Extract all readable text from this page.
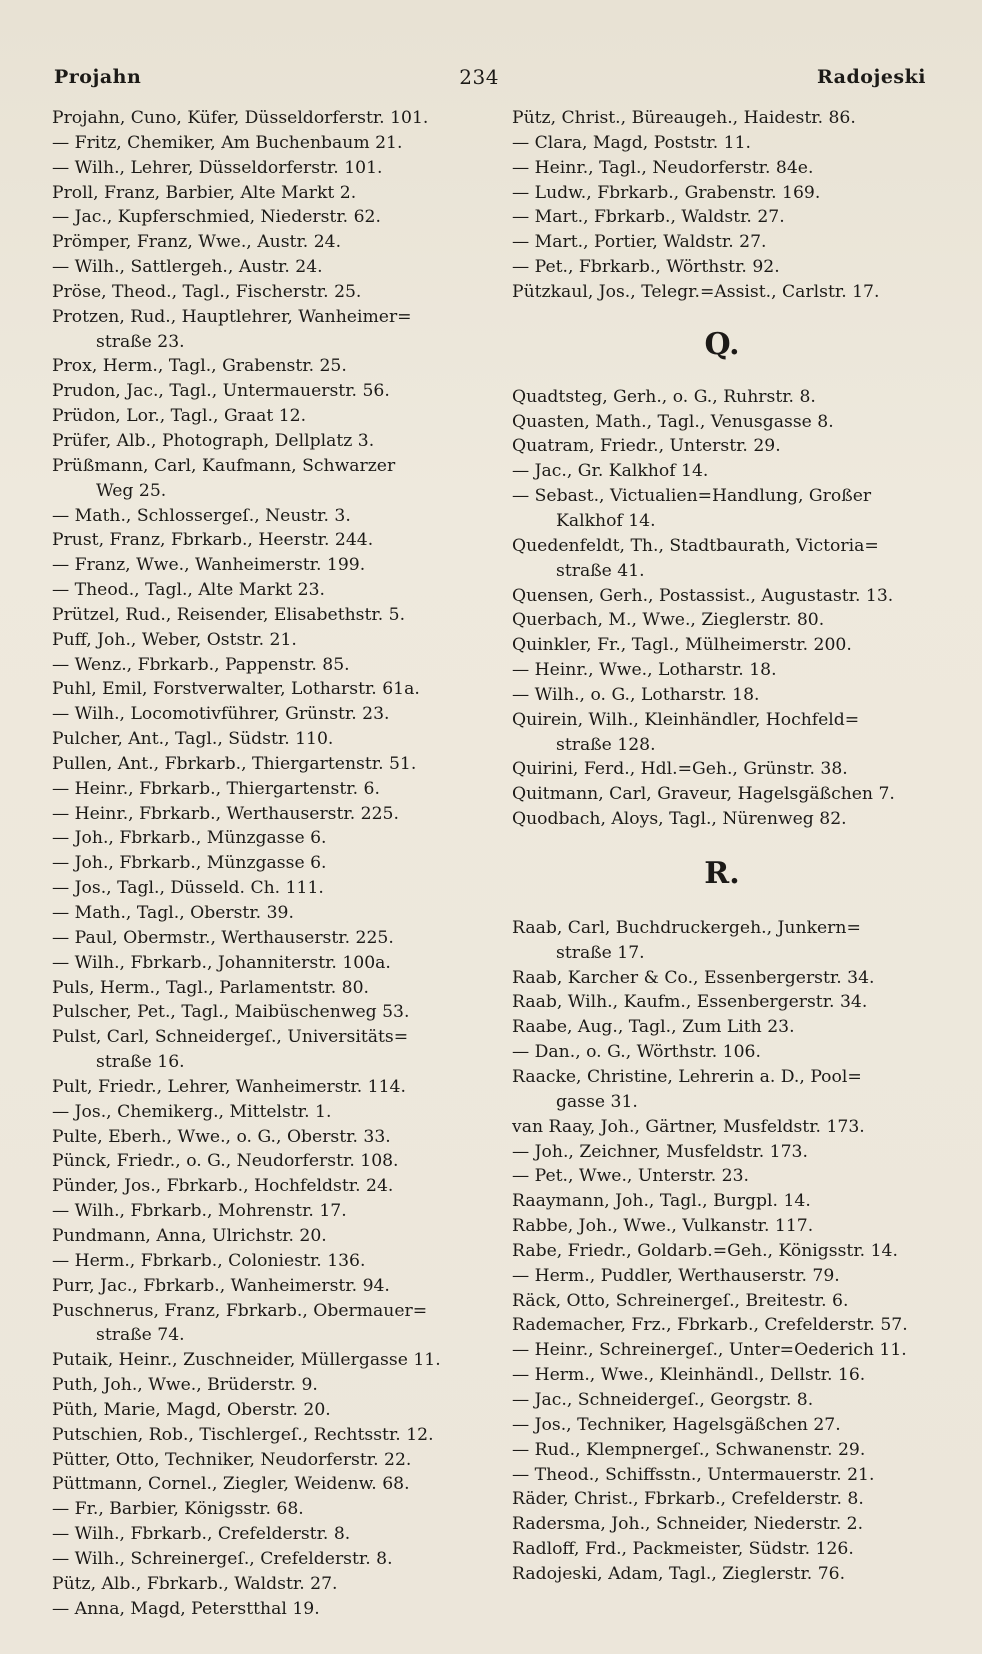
Projahn	234	Radojeski
Projahn, Cuno, Küfer, Düsseldorferstr. 101.
— Fritz, Chemiker, Am Buchenbaum 21.
— Wilh., Lehrer, Düsseldorferstr. 101.
Proll, Franz, Barbier, Alte Markt 2.
— Jac., Kupferschmied, Niederstr. 62.
Prömper, Franz, Wwe., Austr. 24.
— Wilh., Sattlergeh., Austr. 24.
Pröse, Theod., Tagl., Fischerstr. 25.
Protzen, Rud., Hauptlehrer, Wanheimer=
straße 23.
Prox, Herm., Tagl., Grabenstr. 25.
Prudon, Jac., Tagl., Untermauerstr. 56.
Prüdon, Lor., Tagl., Graat 12.
Prüfer, Alb., Photograph, Dellplatz 3.
Prüßmann, Carl, Kaufmann, Schwarzer
Weg 25.
— Math., Schlossergeſ., Neustr. 3.
Prust, Franz, Fbrkarb., Heerstr. 244.
— Franz, Wwe., Wanheimerstr. 199.
— Theod., Tagl., Alte Markt 23.
Prützel, Rud., Reisender, Elisabethstr. 5.
Puff, Joh., Weber, Oststr. 21.
— Wenz., Fbrkarb., Pappenstr. 85.
Puhl, Emil, Forstverwalter, Lotharstr. 61a.
— Wilh., Locomotivführer, Grünstr. 23.
Pulcher, Ant., Tagl., Südstr. 110.
Pullen, Ant., Fbrkarb., Thiergartenstr. 51.
— Heinr., Fbrkarb., Thiergartenstr. 6.
— Heinr., Fbrkarb., Werthauserstr. 225.
— Joh., Fbrkarb., Münzgasse 6.
— Joh., Fbrkarb., Münzgasse 6.
— Jos., Tagl., Düsseld. Ch. 111.
— Math., Tagl., Oberstr. 39.
— Paul, Obermstr., Werthauserstr. 225.
— Wilh., Fbrkarb., Johanniterstr. 100a.
Puls, Herm., Tagl., Parlamentstr. 80.
Pulscher, Pet., Tagl., Maibüschenweg 53.
Pulst, Carl, Schneidergeſ., Universitäts=
straße 16.
Pult, Friedr., Lehrer, Wanheimerstr. 114.
— Jos., Chemikerg., Mittelstr. 1.
Pulte, Eberh., Wwe., o. G., Oberstr. 33.
Pünck, Friedr., o. G., Neudorferstr. 108.
Pünder, Jos., Fbrkarb., Hochfeldstr. 24.
— Wilh., Fbrkarb., Mohrenstr. 17.
Pundmann, Anna, Ulrichstr. 20.
— Herm., Fbrkarb., Coloniestr. 136.
Purr, Jac., Fbrkarb., Wanheimerstr. 94.
Puschnerus, Franz, Fbrkarb., Obermauer=
straße 74.
Putaik, Heinr., Zuschneider, Müllergasse 11.
Puth, Joh., Wwe., Brüderstr. 9.
Püth, Marie, Magd, Oberstr. 20.
Putschien, Rob., Tischlergeſ., Rechtsstr. 12.
Pütter, Otto, Techniker, Neudorferstr. 22.
Püttmann, Cornel., Ziegler, Weidenw. 68.
— Fr., Barbier, Königsstr. 68.
— Wilh., Fbrkarb., Crefelderstr. 8.
— Wilh., Schreinergeſ., Crefelderstr. 8.
Pütz, Alb., Fbrkarb., Waldstr. 27.
— Anna, Magd, Peterstthal 19.
Pütz, Christ., Büreaugeh., Haidestr. 86.
— Clara, Magd, Poststr. 11.
— Heinr., Tagl., Neudorferstr. 84e.
— Ludw., Fbrkarb., Grabenstr. 169.
— Mart., Fbrkarb., Waldstr. 27.
— Mart., Portier, Waldstr. 27.
— Pet., Fbrkarb., Wörthstr. 92.
Pützkaul, Jos., Telegr.=Assist., Carlstr. 17.
Q.
Quadtsteg, Gerh., o. G., Ruhrstr. 8.
Quasten, Math., Tagl., Venusgasse 8.
Quatram, Friedr., Unterstr. 29.
— Jac., Gr. Kalkhof 14.
— Sebast., Victualien=Handlung, Großer
Kalkhof 14.
Quedenfeldt, Th., Stadtbaurath, Victoria=
straße 41.
Quensen, Gerh., Postassist., Augustastr. 13.
Querbach, M., Wwe., Zieglerstr. 80.
Quinkler, Fr., Tagl., Mülheimerstr. 200.
— Heinr., Wwe., Lotharstr. 18.
— Wilh., o. G., Lotharstr. 18.
Quirein, Wilh., Kleinhändler, Hochfeld=
straße 128.
Quirini, Ferd., Hdl.=Geh., Grünstr. 38.
Quitmann, Carl, Graveur, Hagelsgäßchen 7.
Quodbach, Aloys, Tagl., Nürenweg 82.
R.
Raab, Carl, Buchdruckergeh., Junkern=
straße 17.
Raab, Karcher & Co., Essenbergerstr. 34.
Raab, Wilh., Kaufm., Essenbergerstr. 34.
Raabe, Aug., Tagl., Zum Lith 23.
— Dan., o. G., Wörthstr. 106.
Raacke, Christine, Lehrerin a. D., Pool=
gasse 31.
van Raay, Joh., Gärtner, Musfeldstr. 173.
— Joh., Zeichner, Musfeldstr. 173.
— Pet., Wwe., Unterstr. 23.
Raaymann, Joh., Tagl., Burgpl. 14.
Rabbe, Joh., Wwe., Vulkanstr. 117.
Rabe, Friedr., Goldarb.=Geh., Königsstr. 14.
— Herm., Puddler, Werthauserstr. 79.
Räck, Otto, Schreinergeſ., Breitestr. 6.
Rademacher, Frz., Fbrkarb., Crefelderstr. 57.
— Heinr., Schreinergeſ., Unter=Oederich 11.
— Herm., Wwe., Kleinhändl., Dellstr. 16.
— Jac., Schneidergeſ., Georgstr. 8.
— Jos., Techniker, Hagelsgäßchen 27.
— Rud., Klempnergeſ., Schwanenstr. 29.
— Theod., Schiffsstn., Untermauerstr. 21.
Räder, Christ., Fbrkarb., Crefelderstr. 8.
Radersma, Joh., Schneider, Niederstr. 2.
Radloff, Frd., Packmeister, Südstr. 126.
Radojeski, Adam, Tagl., Zieglerstr. 76.
